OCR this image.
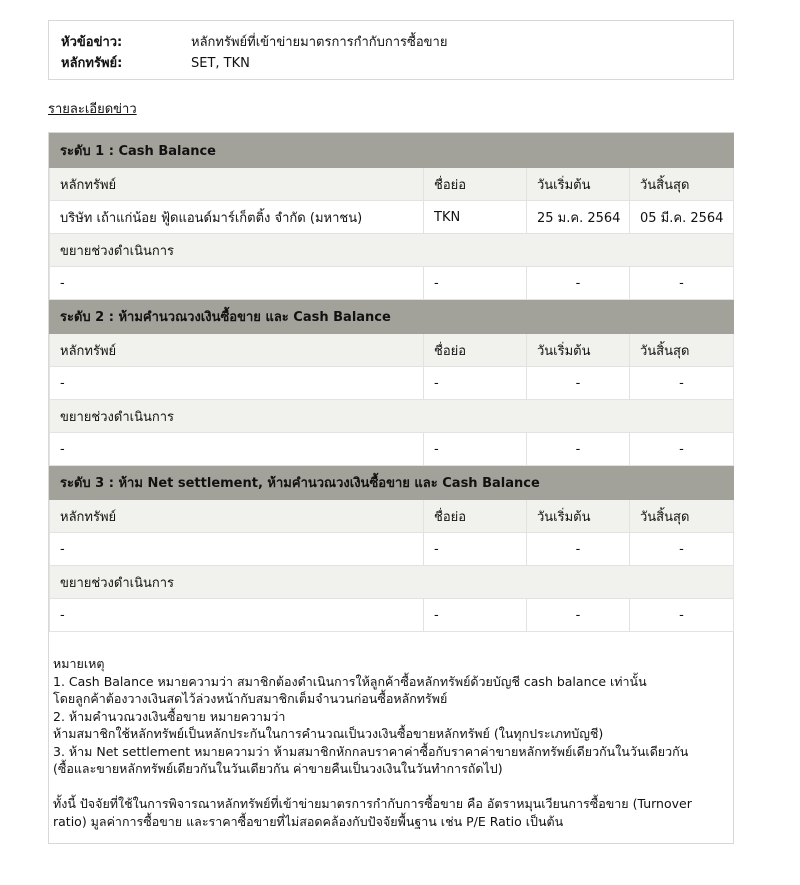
หัวข้อข่าว:	หลักทรัพย์ที่เข้าข่ายมาตรการกำกับการซื้อขาย
หลักทรัพย์:	SET, TKN
รายละเอียดข่าว
ระดับ 1 : Cash Balance			
หลักทรัพย์	ชื่อย่อ	วันเริ่มต้น	วันสิ้นสุด
บริษัท เถ้าแก่น้อย ฟู้ดแอนด์มาร์เก็ตติ้ง จำกัด (มหาชน)	TKN	25 ม.ค. 2564	05 มี.ค. 2564
ขยายช่วงดำเนินการ			
-	-	-	-
ระดับ 2 : ห้ามคำนวณวงเงินซื้อขาย และ Cash Balance			
หลักทรัพย์	ชื่อย่อ	วันเริ่มต้น	วันสิ้นสุด
-	-	-	-
ขยายช่วงดำเนินการ			
-	-	-	-
ระดับ 3 : ห้าม Net settlement, ห้ามคำนวณวงเงินซื้อขาย และ Cash Balance			
หลักทรัพย์	ชื่อย่อ	วันเริ่มต้น	วันสิ้นสุด
-	-	-	-
ขยายช่วงดำเนินการ			
-	-	-	-
หมายเหตุ
1. Cash Balance หมายความว่า สมาชิกต้องดำเนินการให้ลูกค้าซื้อหลักทรัพย์ด้วยบัญชี cash balance เท่านั้น
โดยลูกค้าต้องวางเงินสดไว้ล่วงหน้ากับสมาชิกเต็มจำนวนก่อนซื้อหลักทรัพย์
2. ห้ามคำนวณวงเงินซื้อขาย หมายความว่า
ห้ามสมาชิกใช้หลักทรัพย์เป็นหลักประกันในการคำนวณเป็นวงเงินซื้อขายหลักทรัพย์ (ในทุกประเภทบัญชี)
3. ห้าม Net settlement หมายความว่า ห้ามสมาชิกหักกลบราคาค่าซื้อกับราคาค่าขายหลักทรัพย์เดียวกันในวันเดียวกัน
(ซื้อและขายหลักทรัพย์เดียวกันในวันเดียวกัน ค่าขายคืนเป็นวงเงินในวันทำการถัดไป)
ทั้งนี้ ปัจจัยที่ใช้ในการพิจารณาหลักทรัพย์ที่เข้าข่ายมาตรการกำกับการซื้อขาย คือ อัตราหมุนเวียนการซื้อขาย (Turnover
ratio) มูลค่าการซื้อขาย และราคาซื้อขายที่ไม่สอดคล้องกับปัจจัยพื้นฐาน เช่น P/E Ratio เป็นต้น
